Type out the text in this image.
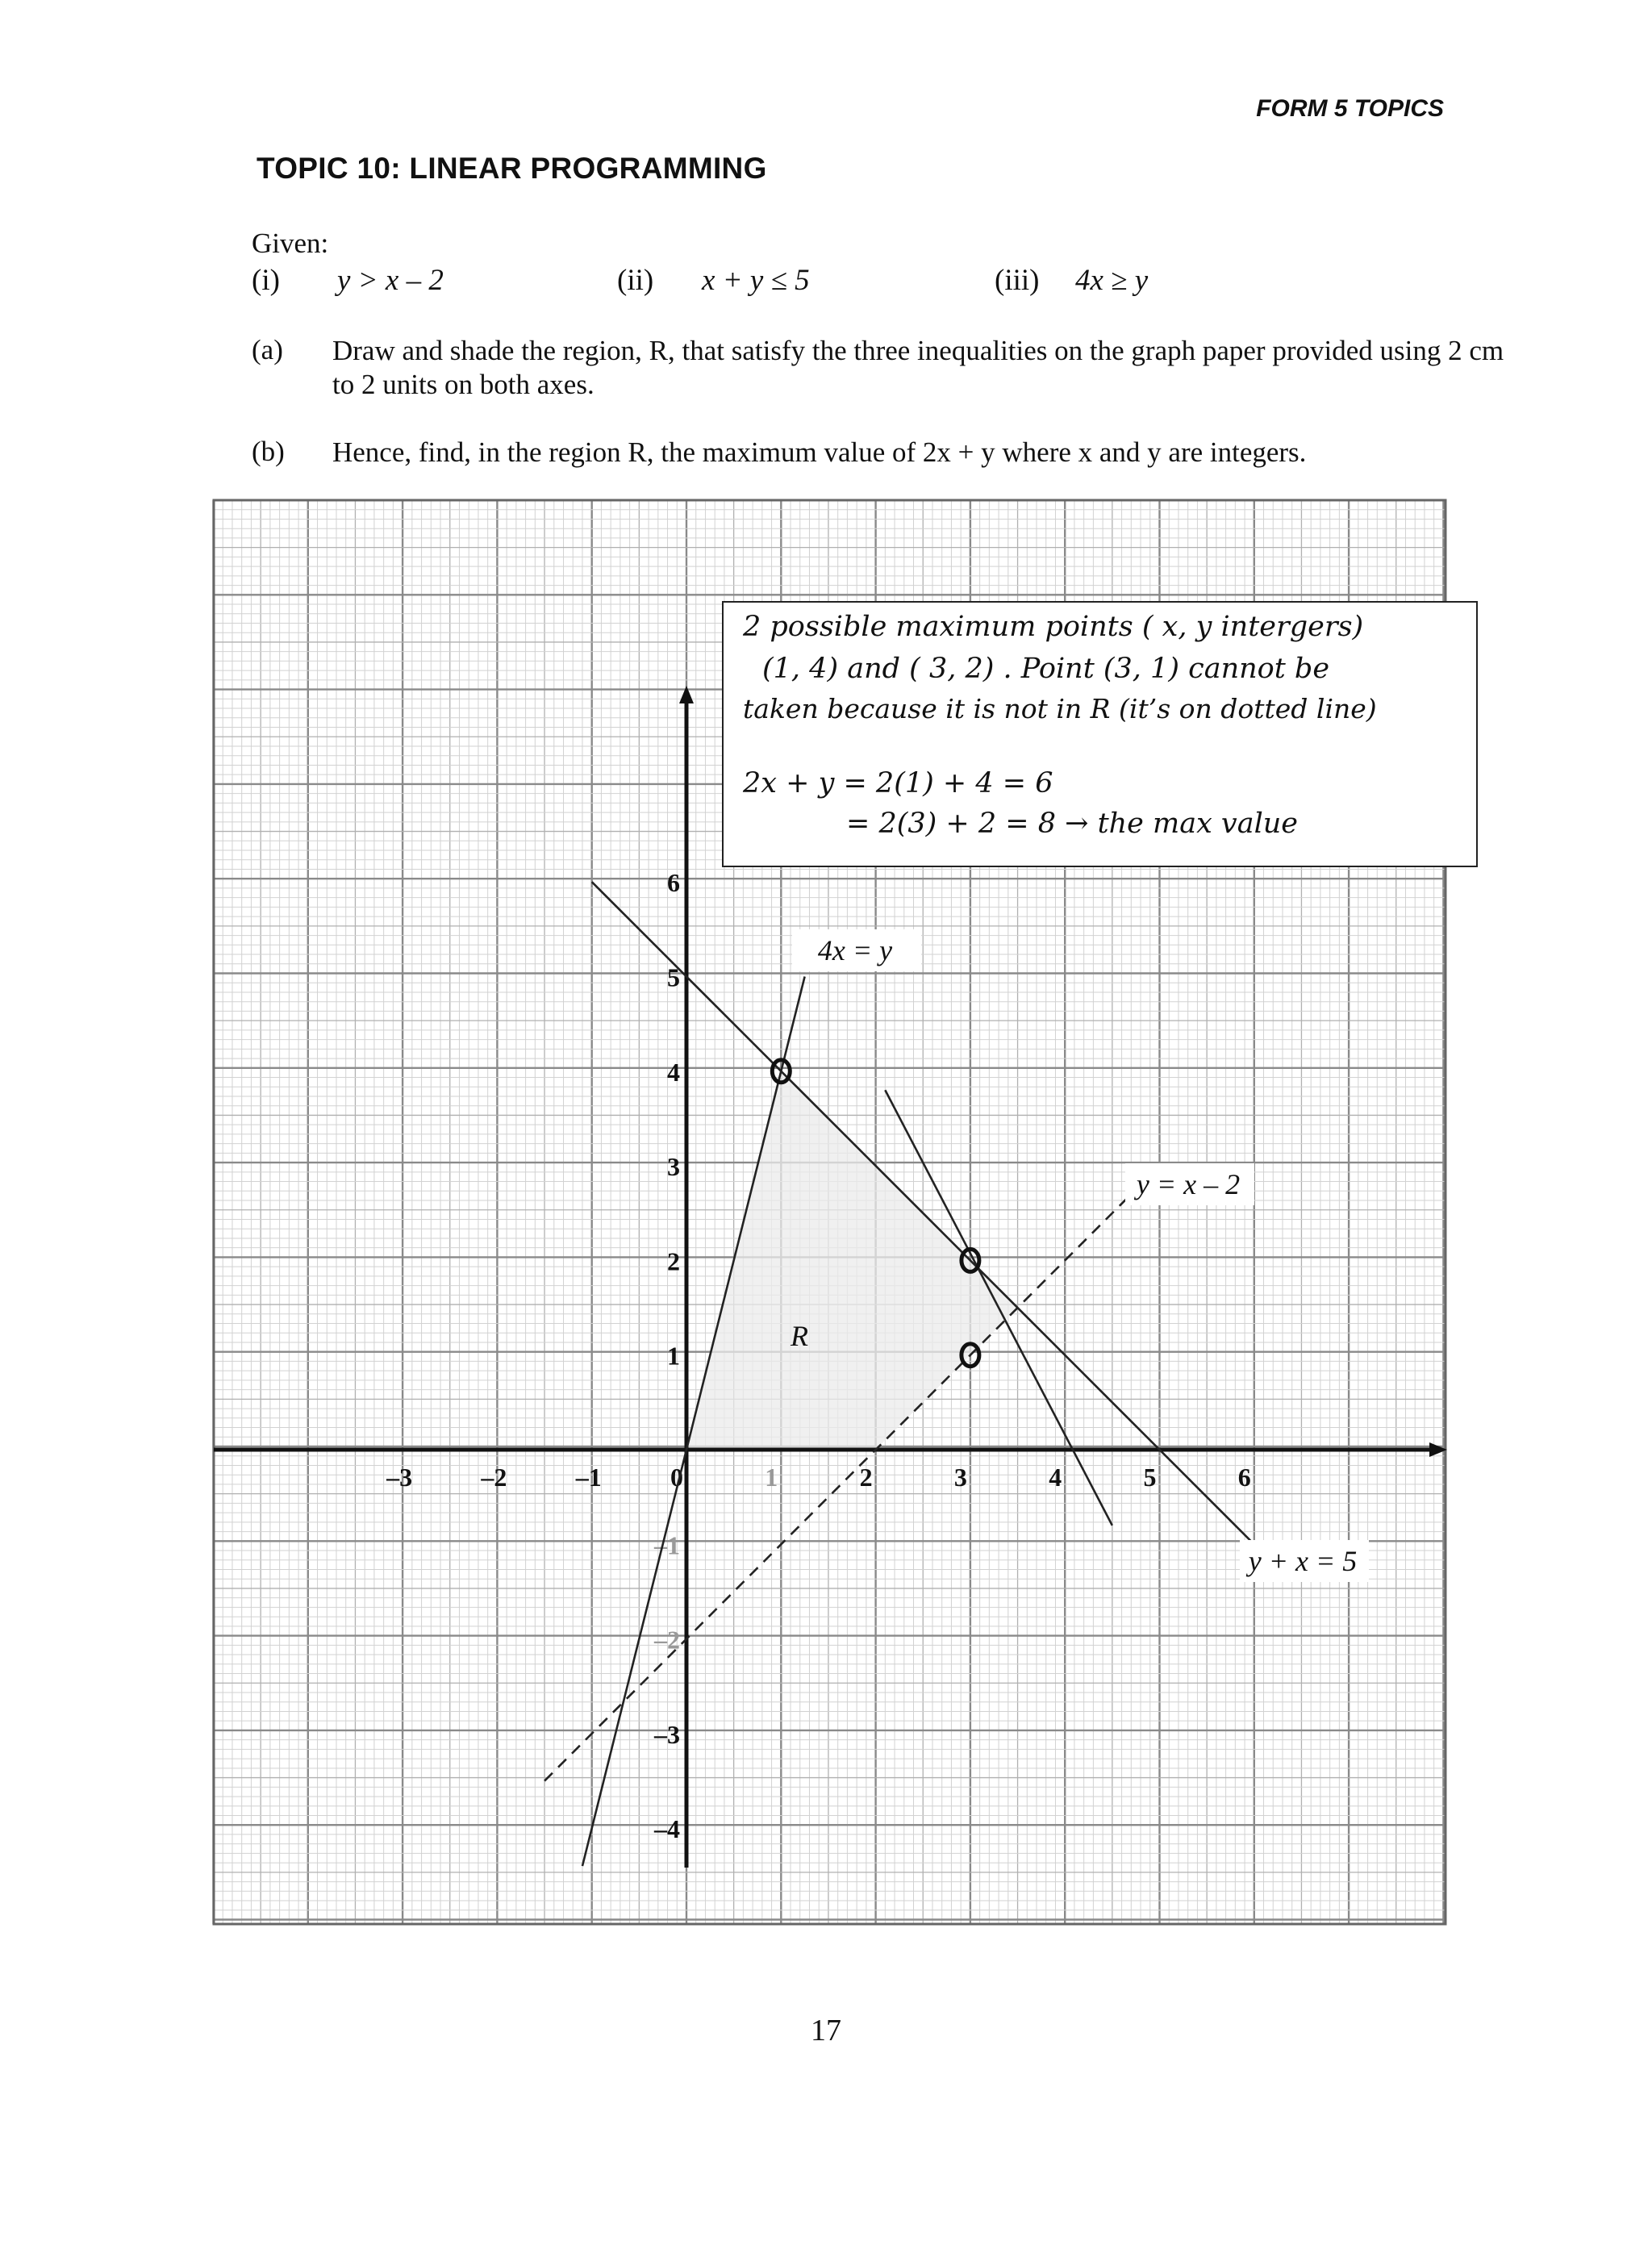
FORM 5 TOPICS
TOPIC 10: LINEAR PROGRAMMING
Given:
(i) y > x – 2	(ii) x + y ≤ 5	(iii) 4x ≥ y
(a) Draw and shade the region, R, that satisfy the three inequalities on the graph paper provided using 2 cm to 2 units on both axes.
(b) Hence, find, in the region R, the maximum value of 2x + y where x and y are integers.
–3	–2	–1	0	1	2	3	4	5	6
6
5
4
3
2
1
–1
–2
–3
–4
y + x = 5
4x = y
y = x – 2
R
2 possible maximum points ( x, y intergers)
(1, 4) and ( 3, 2) . Point (3, 1) cannot be
taken because it is not in R (it’s on dotted line)
2x + y = 2(1) + 4 = 6
= 2(3) + 2 = 8 → the max value
17
